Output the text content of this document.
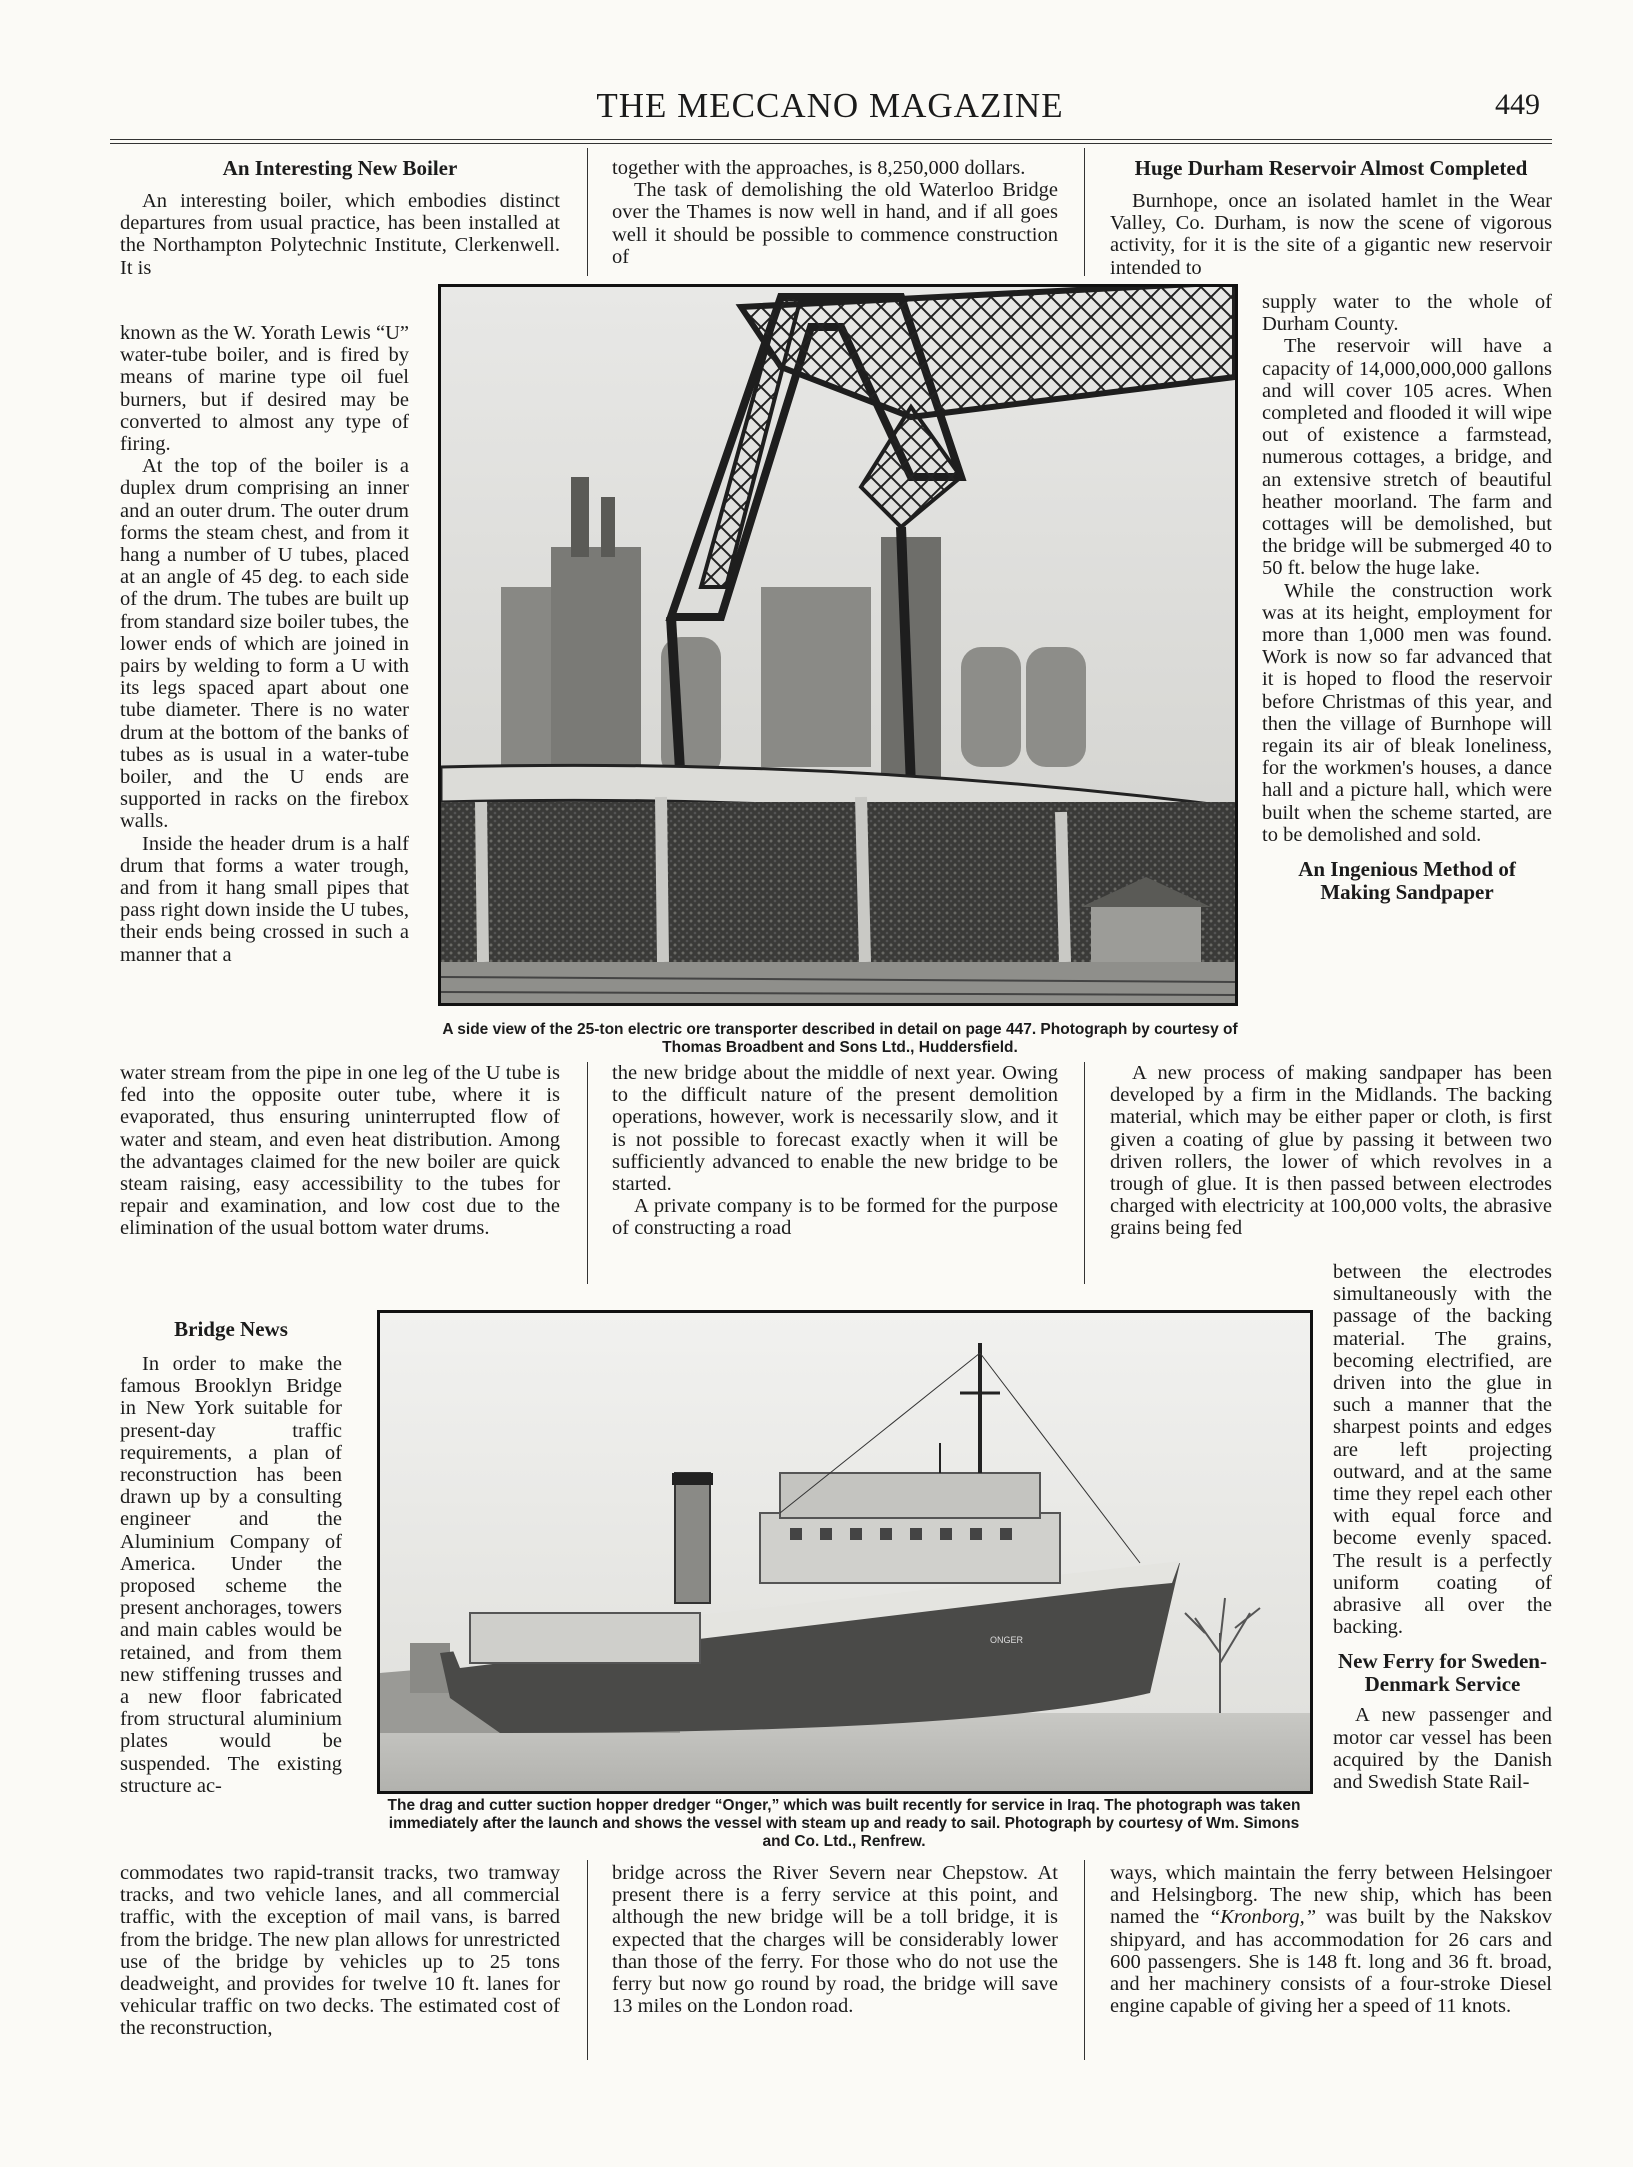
THE MECCANO MAGAZINE	449
An Interesting New Boiler

An interesting boiler, which embodies distinct departures from usual practice, has been installed at the Northampton Polytechnic Institute, Clerkenwell. It is

known as the W. Yorath Lewis “U” water-tube boiler, and is fired by means of marine type oil fuel burners, but if desired may be converted to almost any type of firing.

At the top of the boiler is a duplex drum comprising an inner and an outer drum. The outer drum forms the steam chest, and from it hang a number of U tubes, placed at an angle of 45 deg. to each side of the drum. The tubes are built up from standard size boiler tubes, the lower ends of which are joined in pairs by welding to form a U with its legs spaced apart about one tube diameter. There is no water drum at the bottom of the banks of tubes as is usual in a water-tube boiler, and the U ends are supported in racks on the firebox walls.

Inside the header drum is a half drum that forms a water trough, and from it hang small pipes that pass right down inside the U tubes, their ends being crossed in such a manner that a

water stream from the pipe in one leg of the U tube is fed into the opposite outer tube, where it is evaporated, thus ensuring uninterrupted flow of water and steam, and even heat distribution. Among the advantages claimed for the new boiler are quick steam raising, easy accessibility to the tubes for repair and examination, and low cost due to the elimination of the usual bottom water drums.

Bridge News

In order to make the famous Brooklyn Bridge in New York suitable for present-day traffic requirements, a plan of reconstruction has been drawn up by a consulting engineer and the Aluminium Company of America. Under the proposed scheme the present anchorages, towers and main cables would be retained, and from them new stiffening trusses and a new floor fabricated from structural aluminium plates would be suspended. The existing structure ac-

commodates two rapid-transit tracks, two tramway tracks, and two vehicle lanes, and all commercial traffic, with the exception of mail vans, is barred from the bridge. The new plan allows for unrestricted use of the bridge by vehicles up to 25 tons deadweight, and provides for twelve 10 ft. lanes for vehicular traffic on two decks. The estimated cost of the reconstruction,

together with the approaches, is 8,250,000 dollars.

The task of demolishing the old Waterloo Bridge over the Thames is now well in hand, and if all goes well it should be possible to commence construction of

the new bridge about the middle of next year. Owing to the difficult nature of the present demolition operations, however, work is necessarily slow, and it is not possible to forecast exactly when it will be sufficiently advanced to enable the new bridge to be started.

A private company is to be formed for the purpose of constructing a road

bridge across the River Severn near Chepstow. At present there is a ferry service at this point, and although the new bridge will be a toll bridge, it is expected that the charges will be considerably lower than those of the ferry. For those who do not use the ferry but now go round by road, the bridge will save 13 miles on the London road.

Huge Durham Reservoir Almost Completed

Burnhope, once an isolated hamlet in the Wear Valley, Co. Durham, is now the scene of vigorous activity, for it is the site of a gigantic new reservoir intended to

supply water to the whole of Durham County.

The reservoir will have a capacity of 14,000,000,000 gallons and will cover 105 acres. When completed and flooded it will wipe out of existence a farmstead, numerous cottages, a bridge, and an extensive stretch of beautiful heather moorland. The farm and cottages will be demolished, but the bridge will be submerged 40 to 50 ft. below the huge lake.

While the construction work was at its height, employment for more than 1,000 men was found. Work is now so far advanced that it is hoped to flood the reservoir before Christmas of this year, and then the village of Burnhope will regain its air of bleak loneliness, for the workmen's houses, a dance hall and a picture hall, which were built when the scheme started, are to be demolished and sold.

An Ingenious Method of Making Sandpaper

A new process of making sandpaper has been developed by a firm in the Midlands. The backing material, which may be either paper or cloth, is first given a coating of glue by passing it between two driven rollers, the lower of which revolves in a trough of glue. It is then passed between electrodes charged with electricity at 100,000 volts, the abrasive grains being fed

between the electrodes simultaneously with the passage of the backing material. The grains, becoming electrified, are driven into the glue in such a manner that the sharpest points and edges are left projecting outward, and at the same time they repel each other with equal force and become evenly spaced. The result is a perfectly uniform coating of abrasive all over the backing.

New Ferry for Sweden-Denmark Service

A new passenger and motor car vessel has been acquired by the Danish and Swedish State Rail-

ways, which maintain the ferry between Helsingoer and Helsingborg. The new ship, which has been named the “Kronborg,” was built by the Nakskov shipyard, and has accommodation for 26 cars and 600 passengers. She is 148 ft. long and 36 ft. broad, and her machinery consists of a four-stroke Diesel engine capable of giving her a speed of 11 knots.

A side view of the 25-ton electric ore transporter described in detail on page 447. Photograph by courtesy of Thomas Broadbent and Sons Ltd., Huddersfield.
ONGER
The drag and cutter suction hopper dredger “Onger,” which was built recently for service in Iraq. The photograph was taken immediately after the launch and shows the vessel with steam up and ready to sail. Photograph by courtesy of Wm. Simons and Co. Ltd., Renfrew.
